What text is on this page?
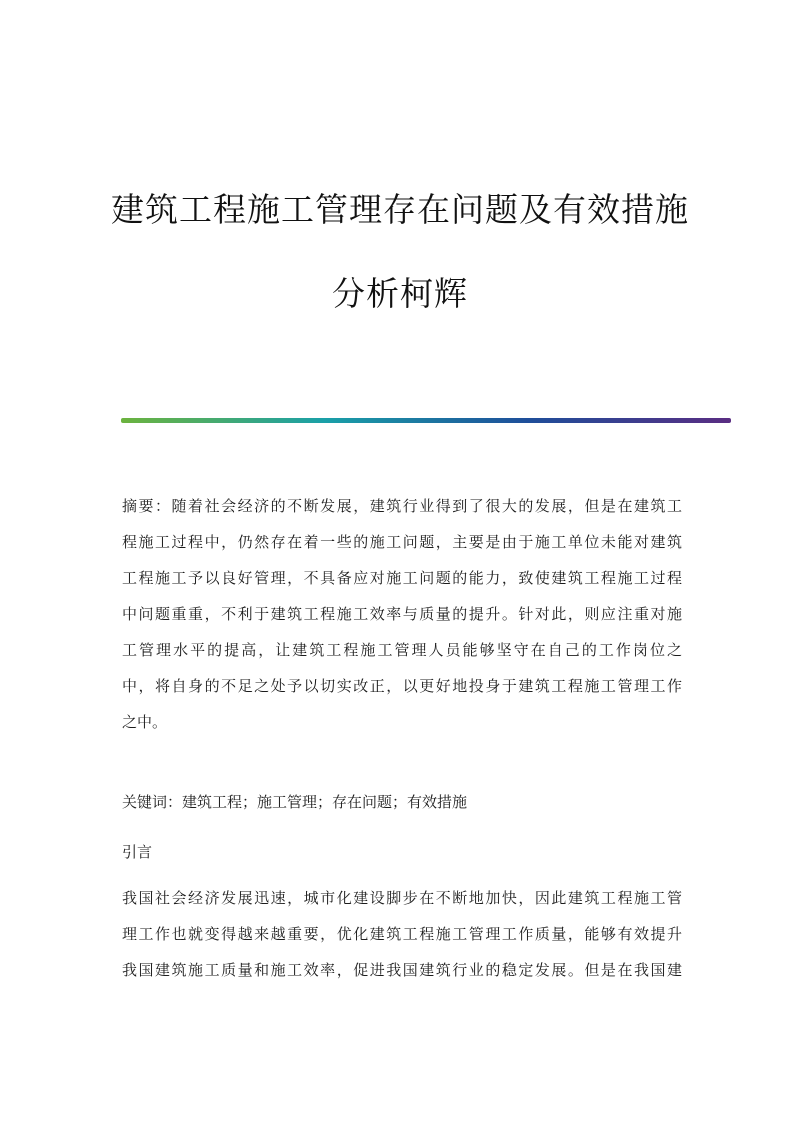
建筑工程施工管理存在问题及有效措施
分析柯辉
摘要：随着社会经济的不断发展，建筑行业得到了很大的发展，但是在建筑工
程施工过程中，仍然存在着一些的施工问题，主要是由于施工单位未能对建筑
工程施工予以良好管理，不具备应对施工问题的能力，致使建筑工程施工过程
中问题重重，不利于建筑工程施工效率与质量的提升。针对此，则应注重对施
工管理水平的提高，让建筑工程施工管理人员能够坚守在自己的工作岗位之
中，将自身的不足之处予以切实改正，以更好地投身于建筑工程施工管理工作
之中。
关键词：建筑工程；施工管理；存在问题；有效措施
引言
我国社会经济发展迅速，城市化建设脚步在不断地加快，因此建筑工程施工管
理工作也就变得越来越重要，优化建筑工程施工管理工作质量，能够有效提升
我国建筑施工质量和施工效率，促进我国建筑行业的稳定发展。但是在我国建
